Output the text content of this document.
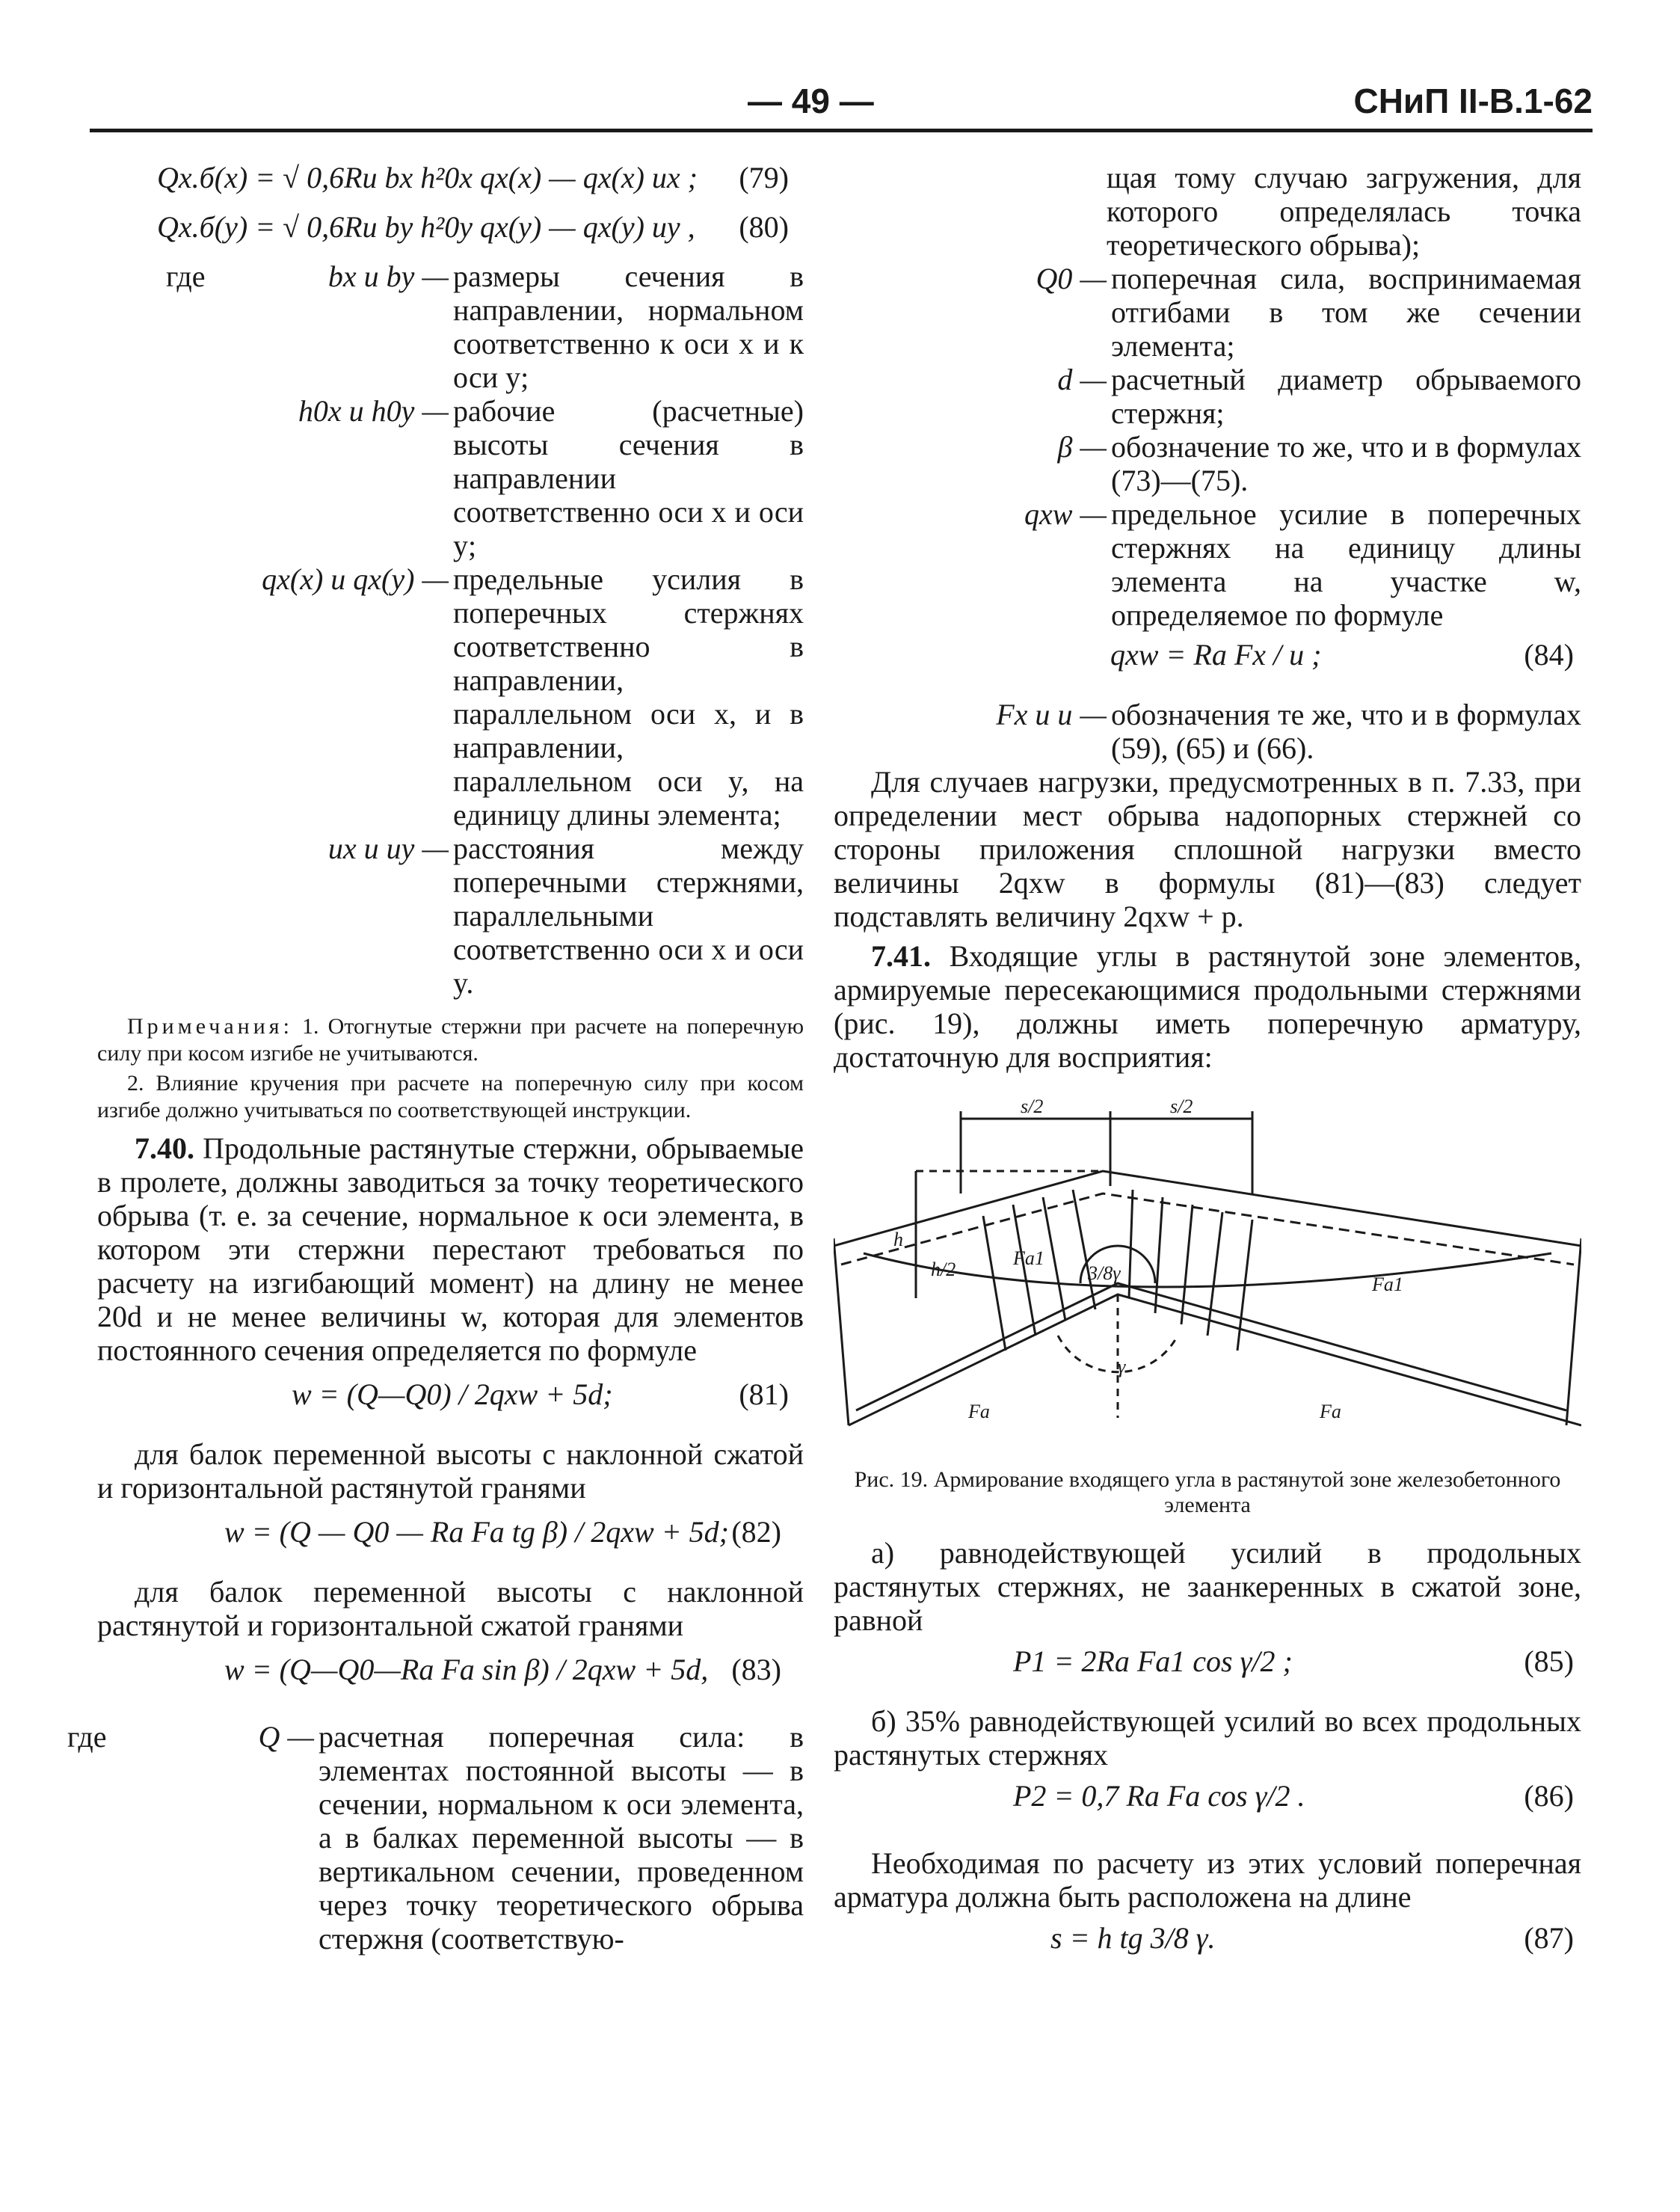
— 49 —	СНиП II-В.1-62
Qx.б(x) = √ 0,6Rи bx h²0x qx(x) — qx(x) ux ; (79)
Qx.б(y) = √ 0,6Rи by h²0y qx(y) — qx(y) uy , (80)
где	bx и by — размеры сечения в направлении, нормальном соответственно к оси x и к оси y;
h0x и h0y — рабочие (расчетные) высоты сечения в направлении соответственно оси x и оси y;
qx(x) и qx(y) — предельные усилия в поперечных стержнях соответственно в направлении, параллельном оси x, и в направлении, параллельном оси y, на единицу длины элемента;
ux и uy — расстояния между поперечными стержнями, параллельными соответственно оси x и оси y.

Примечания: 1. Отогнутые стержни при расчете на поперечную силу при косом изгибе не учитываются.

2. Влияние кручения при расчете на поперечную силу при косом изгибе должно учитываться по соответствующей инструкции.

7.40. Продольные растянутые стержни, обрываемые в пролете, должны заводиться за точку теоретического обрыва (т. е. за сечение, нормальное к оси элемента, в котором эти стержни перестают требоваться по расчету на изгибающий момент) на длину не менее 20d и не менее величины w, которая для элементов постоянного сечения определяется по формуле

w = (Q—Q0) / 2qxw + 5d;	(81)

для балок переменной высоты с наклонной сжатой и горизонтальной растянутой гранями

w = (Q — Q0 — Ra Fa tg β) / 2qxw + 5d; (82)

для балок переменной высоты с наклонной растянутой и горизонтальной сжатой гранями

w = (Q—Q0—Ra Fa sin β) / 2qxw + 5d, (83)
где	Q — расчетная поперечная сила: в элементах постоянной высоты — в сечении, нормальном к оси элемента, а в балках переменной высоты — в вертикальном сечении, проведенном через точку теоретического обрыва стержня (соответствую-

щая тому случаю загружения, для которого определялась точка теоретического обрыва);

Q0 — поперечная сила, воспринимаемая отгибами в том же сечении элемента;
d — расчетный диаметр обрываемого стержня;
β — обозначение то же, что и в формулах (73)—(75).
qxw — предельное усилие в поперечных стержнях на единицу длины элемента на участке w, определяемое по формуле
qxw = Ra Fx / u ;	(84)
Fx и u — обозначения те же, что и в формулах (59), (65) и (66).

Для случаев нагрузки, предусмотренных в п. 7.33, при определении мест обрыва надопорных стержней со стороны приложения сплошной нагрузки вместо величины 2qxw в формулы (81)—(83) следует подставлять величину 2qxw + p.

7.41. Входящие углы в растянутой зоне элементов, армируемые пересекающимися продольными стержнями (рис. 19), должны иметь поперечную арматуру, достаточную для восприятия:

s/2	s/2
h
h/2
Fa1
Fa1
3/8γ
γ
Fa	Fa

Рис. 19. Армирование входящего угла в растянутой зоне железобетонного элемента

а) равнодействующей усилий в продольных растянутых стержнях, не заанкеренных в сжатой зоне, равной

P1 = 2Ra Fa1 cos γ/2 ;	(85)

б) 35% равнодействующей усилий во всех продольных растянутых стержнях

P2 = 0,7 Ra Fa cos γ/2 .	(86)

Необходимая по расчету из этих условий поперечная арматура должна быть расположена на длине

s = h tg 3/8 γ.	(87)
